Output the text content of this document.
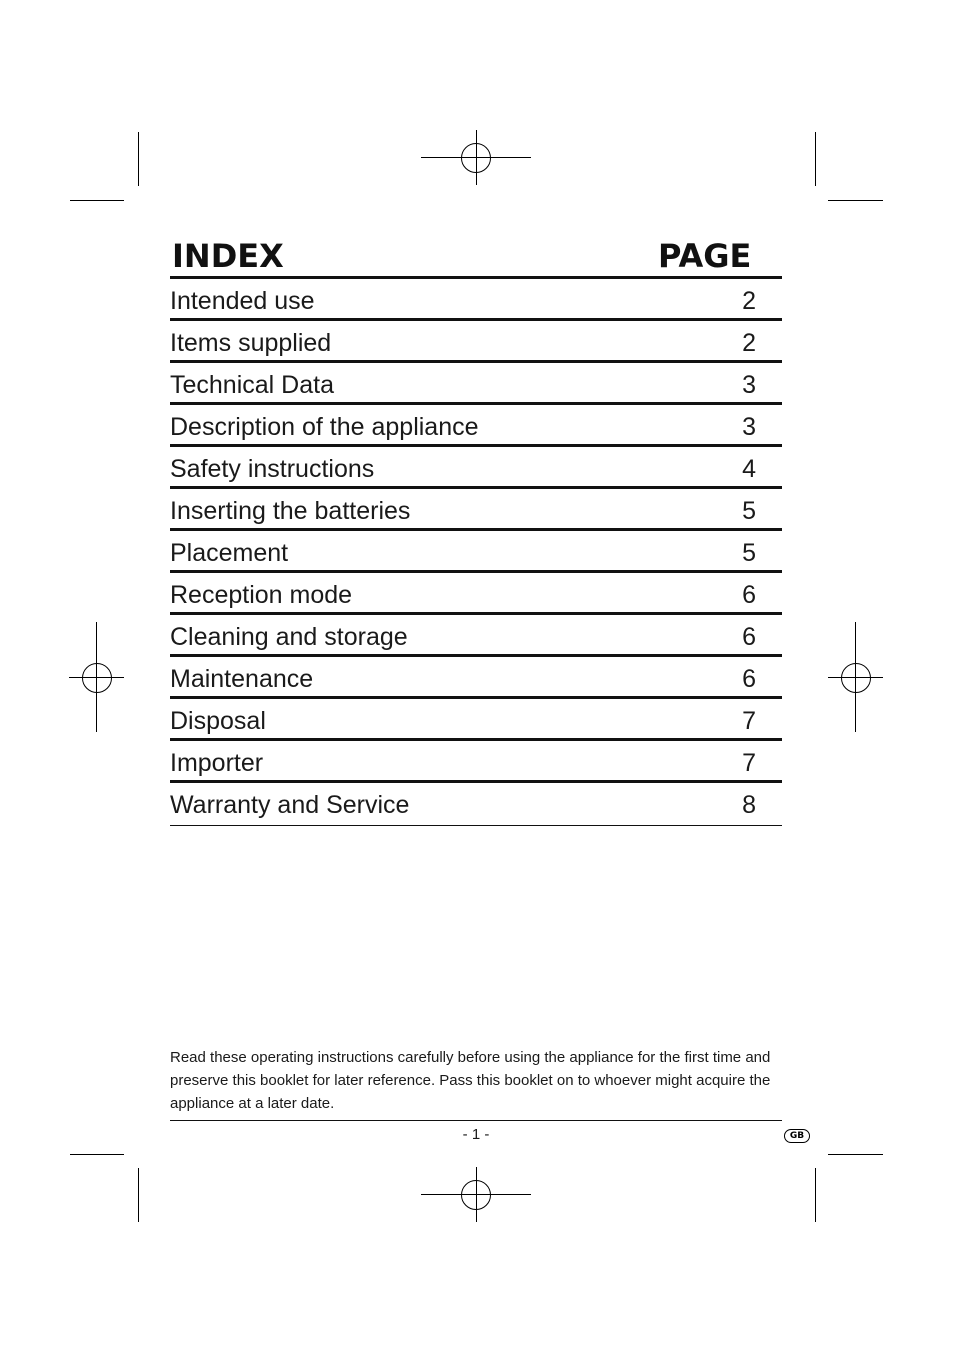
INDEX	PAGE
Intended use	2
Items supplied	2
Technical Data	3
Description of the appliance	3
Safety instructions	4
Inserting the batteries	5
Placement	5
Reception mode	6
Cleaning and storage	6
Maintenance	6
Disposal	7
Importer	7
Warranty and Service	8
Read these operating instructions carefully before using the appliance for the first time and preserve this booklet for later reference. Pass this booklet on to whoever might acquire the appliance at a later date.
- 1 -	GB
